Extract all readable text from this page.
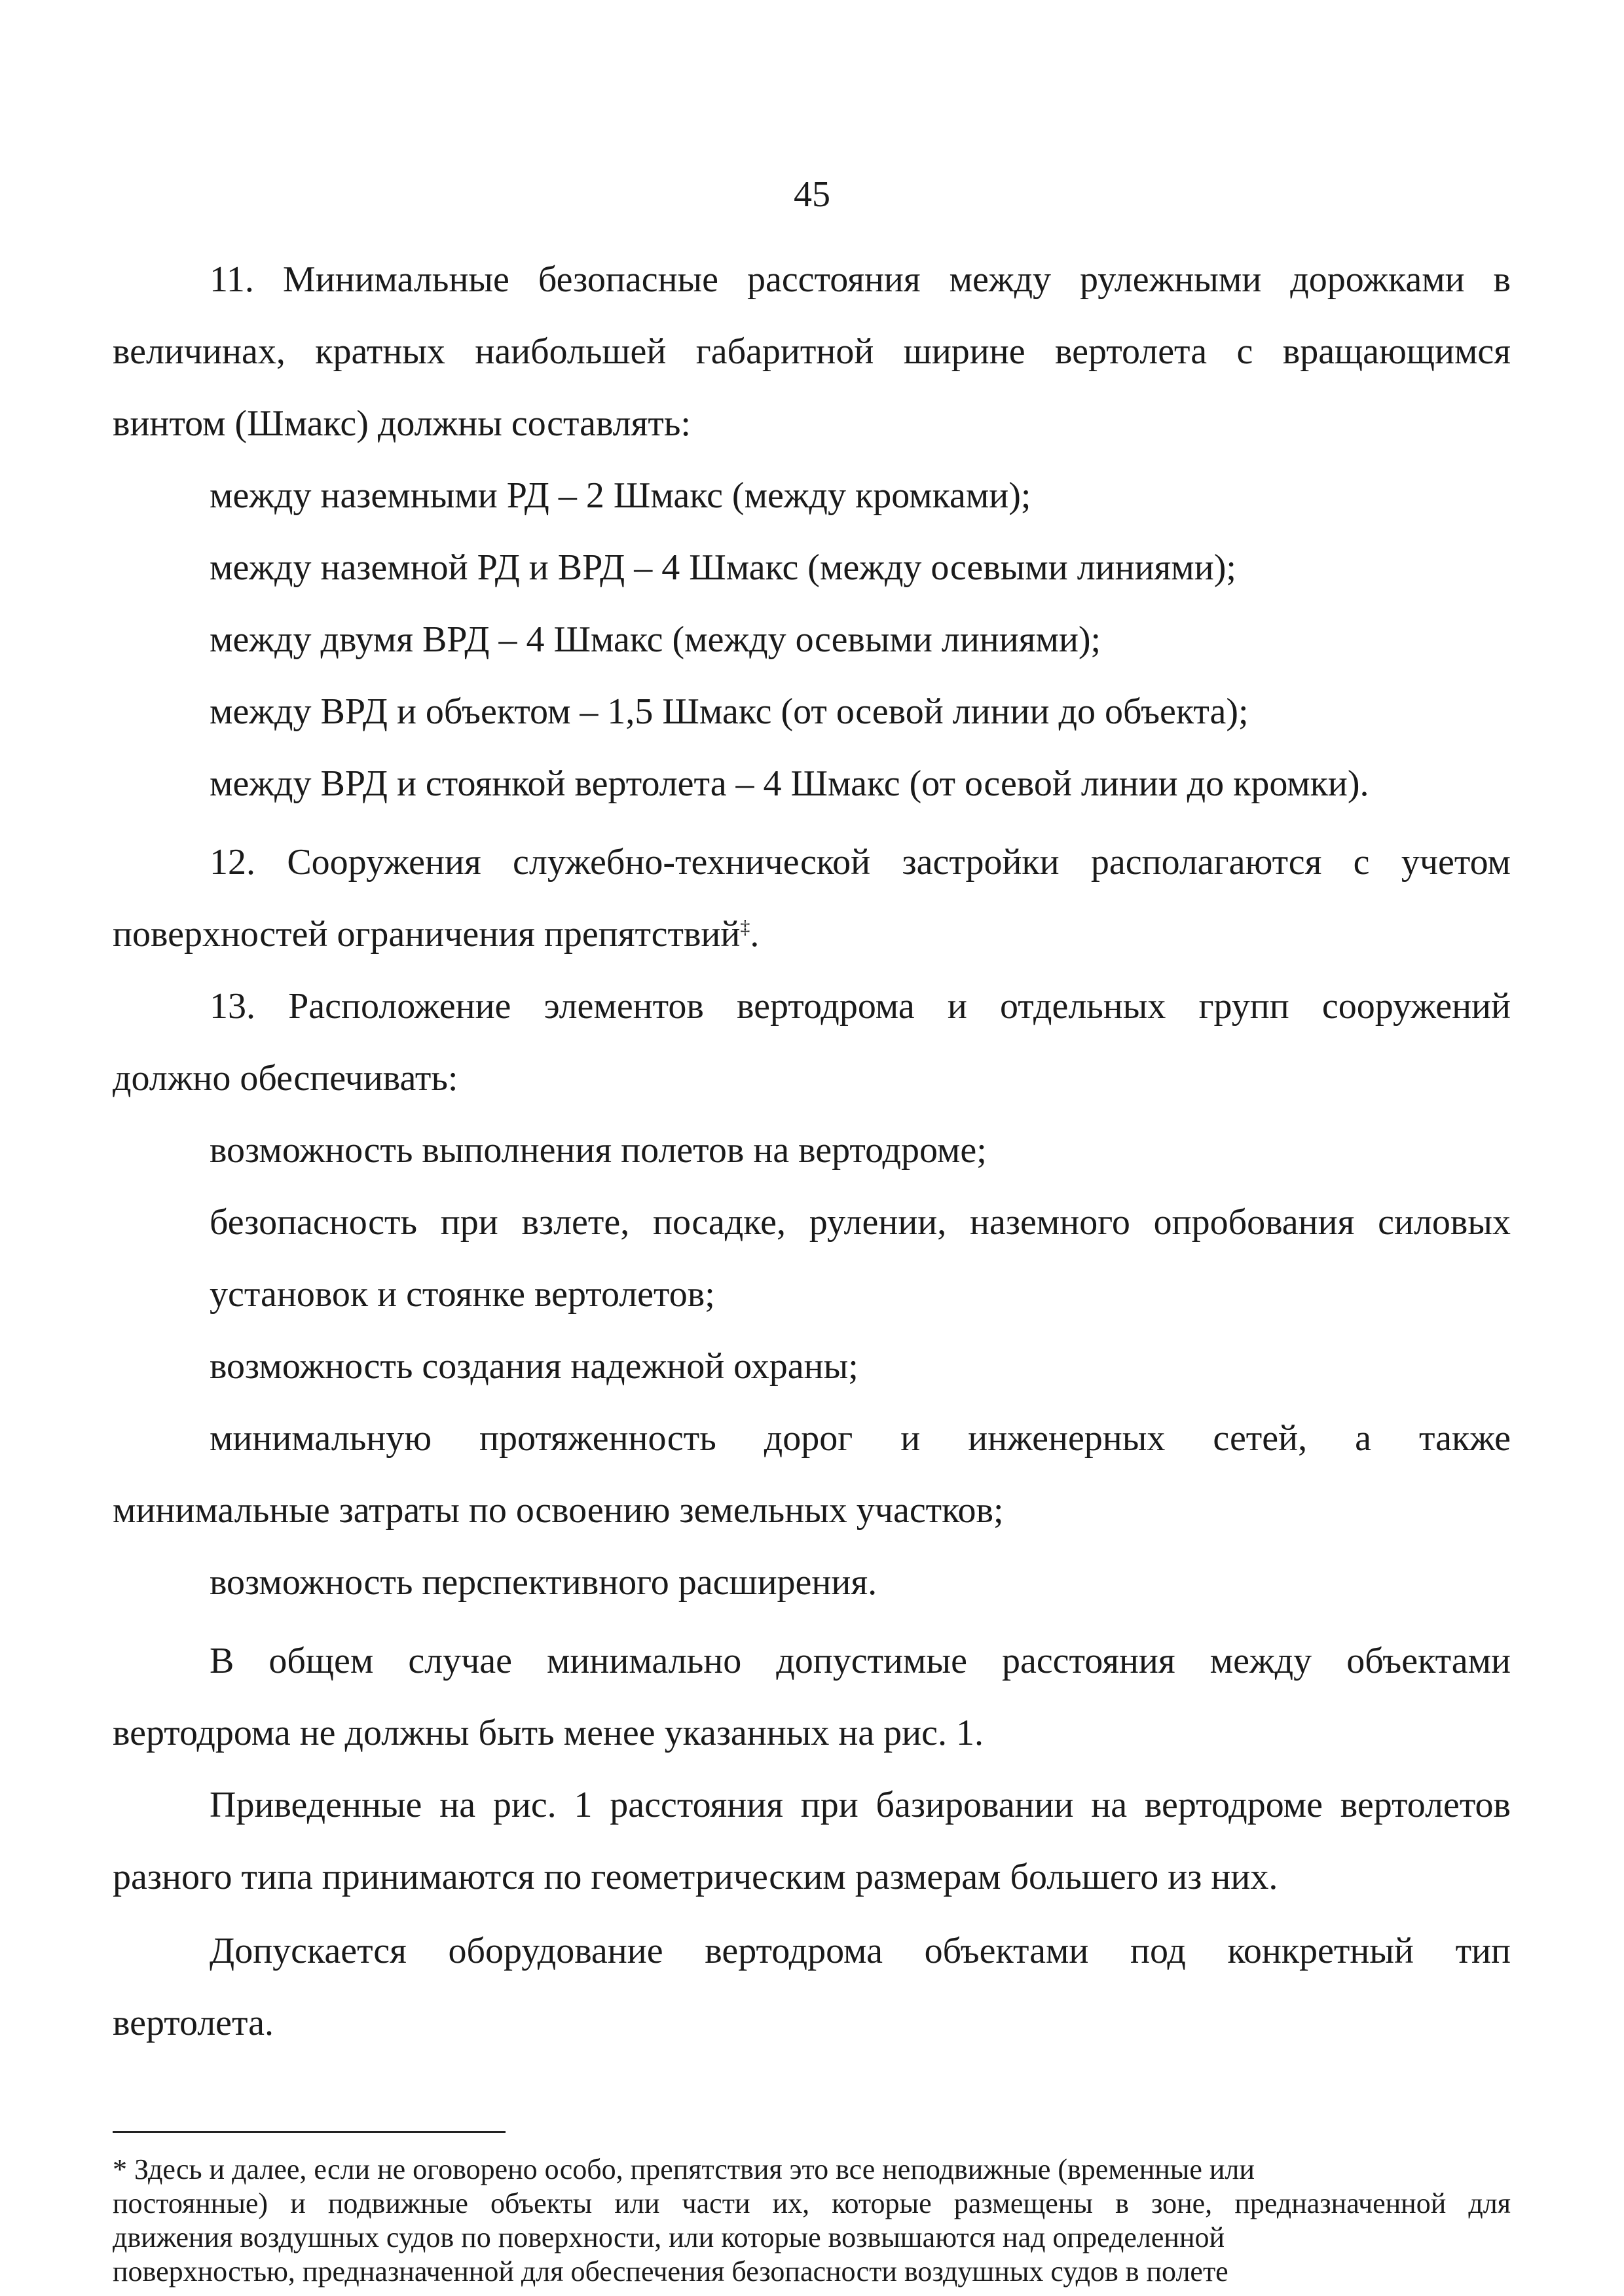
45
11. Минимальные безопасные расстояния между рулежными дорожками в
величинах, кратных наибольшей габаритной ширине вертолета с вращающимся
винтом (Шмакс) должны составлять:
между наземными РД – 2 Шмакс (между кромками);
между наземной РД и ВРД – 4 Шмакс (между осевыми линиями);
между двумя ВРД – 4 Шмакс (между осевыми линиями);
между ВРД и объектом – 1,5 Шмакс (от осевой линии до объекта);
между ВРД и стоянкой вертолета – 4 Шмакс (от осевой линии до кромки).
12. Сооружения служебно-технической застройки располагаются с учетом
поверхностей ограничения препятствий‡.
13. Расположение элементов вертодрома и отдельных групп сооружений
должно обеспечивать:
возможность выполнения полетов на вертодроме;
безопасность при взлете, посадке, рулении, наземного опробования силовых
установок и стоянке вертолетов;
возможность создания надежной охраны;
минимальную протяженность дорог и инженерных сетей, а также
минимальные затраты по освоению земельных участков;
возможность перспективного расширения.
В общем случае минимально допустимые расстояния между объектами
вертодрома не должны быть менее указанных на рис. 1.
Приведенные на рис. 1 расстояния при базировании на вертодроме вертолетов
разного типа принимаются по геометрическим размерам большего из них.
Допускается оборудование вертодрома объектами под конкретный тип
вертолета.
* Здесь и далее, если не оговорено особо, препятствия это все неподвижные (временные или
постоянные) и подвижные объекты или части их, которые размещены в зоне, предназначенной для
движения воздушных судов по поверхности, или которые возвышаются над определенной
поверхностью, предназначенной для обеспечения безопасности воздушных судов в полете
